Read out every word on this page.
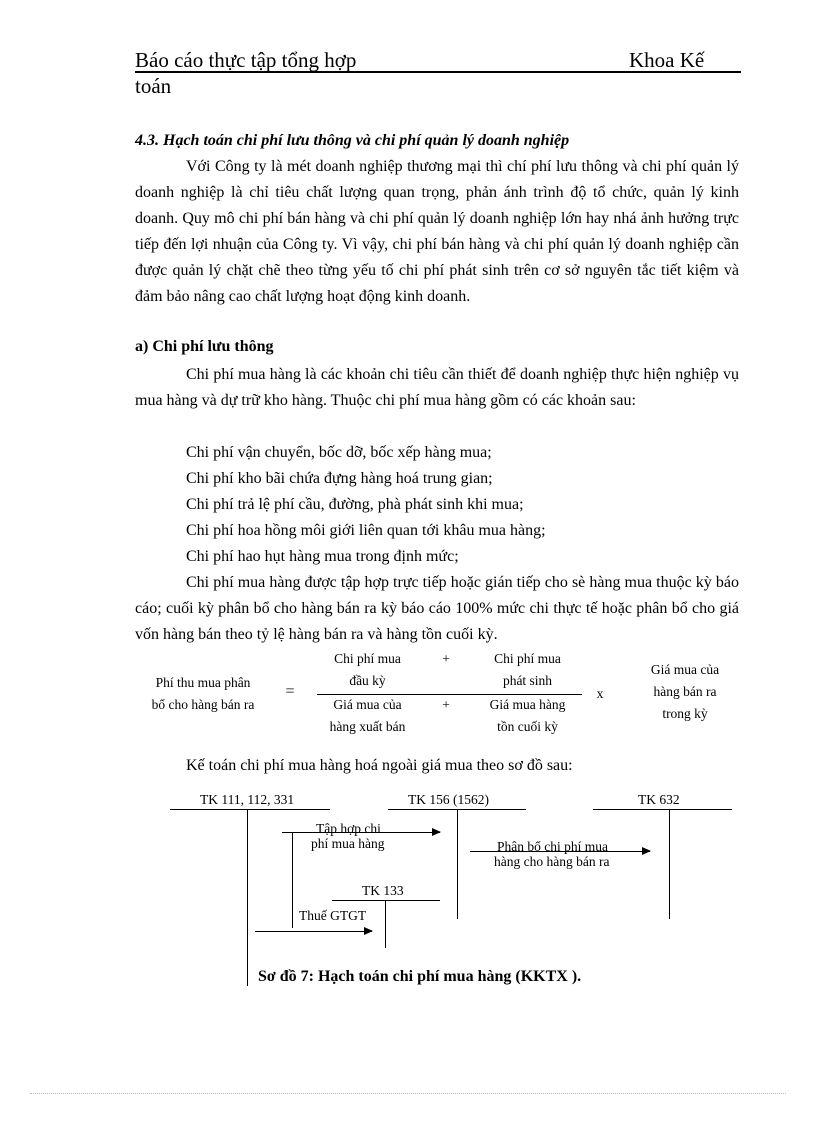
Báo cáo thực tập tổng hợp	Khoa Kế
toán
4.3. Hạch toán chi phí lưu thông và chi phí quản lý doanh nghiệp
Với Công ty là mét doanh nghiệp thương mại thì chí phí lưu thông và chi phí quản lý doanh nghiệp là chỉ tiêu chất lượng quan trọng, phản ánh trình độ tổ chức, quản lý kinh doanh. Quy mô chi phí bán hàng và chi phí quản lý doanh nghiệp lớn hay nhá ảnh hưởng trực tiếp đến lợi nhuận của Công ty. Vì vậy, chi phí bán hàng và chi phí quản lý doanh nghiệp cần được quản lý chặt chẽ theo từng yếu tố chi phí phát sinh trên cơ sở nguyên tắc tiết kiệm và đảm bảo nâng cao chất lượng hoạt động kinh doanh.
a) Chi phí lưu thông
Chi phí mua hàng là các khoản chi tiêu cần thiết để doanh nghiệp thực hiện nghiệp vụ mua hàng và dự trữ kho hàng. Thuộc chi phí mua hàng gồm có các khoản sau:
Chi phí vận chuyển, bốc dỡ, bốc xếp hàng mua;
Chi phí kho bãi chứa đựng hàng hoá trung gian;
Chi phí trả lệ phí cầu, đường, phà phát sinh khi mua;
Chi phí hoa hồng môi giới liên quan tới khâu mua hàng;
Chi phí hao hụt hàng mua trong định mức;
Chi phí mua hàng được tập hợp trực tiếp hoặc gián tiếp cho sè hàng mua thuộc kỳ báo cáo; cuối kỳ phân bổ cho hàng bán ra kỳ báo cáo 100% mức chi thực tế hoặc phân bổ cho giá vốn hàng bán theo tỷ lệ hàng bán ra và hàng tồn cuối kỳ.
Phí thu mua phân
bổ cho hàng bán ra
=
Chi phí mua
đầu kỳ
+	Chi phí mua
phát sinh
Giá mua của
hàng xuất bán
+	Giá mua hàng
tồn cuối kỳ
x
Giá mua của
hàng bán ra
trong kỳ
Kế toán chi phí mua hàng hoá ngoài giá mua theo sơ đồ sau:
TK 111, 112, 331	TK 156 (1562)	TK 632
TK 133
Tập hợp chi
phí mua hàng	Phân bổ chi phí mua
hàng cho hàng bán ra
Thuế GTGT
Sơ đồ 7: Hạch toán chi phí mua hàng (KKTX ).
